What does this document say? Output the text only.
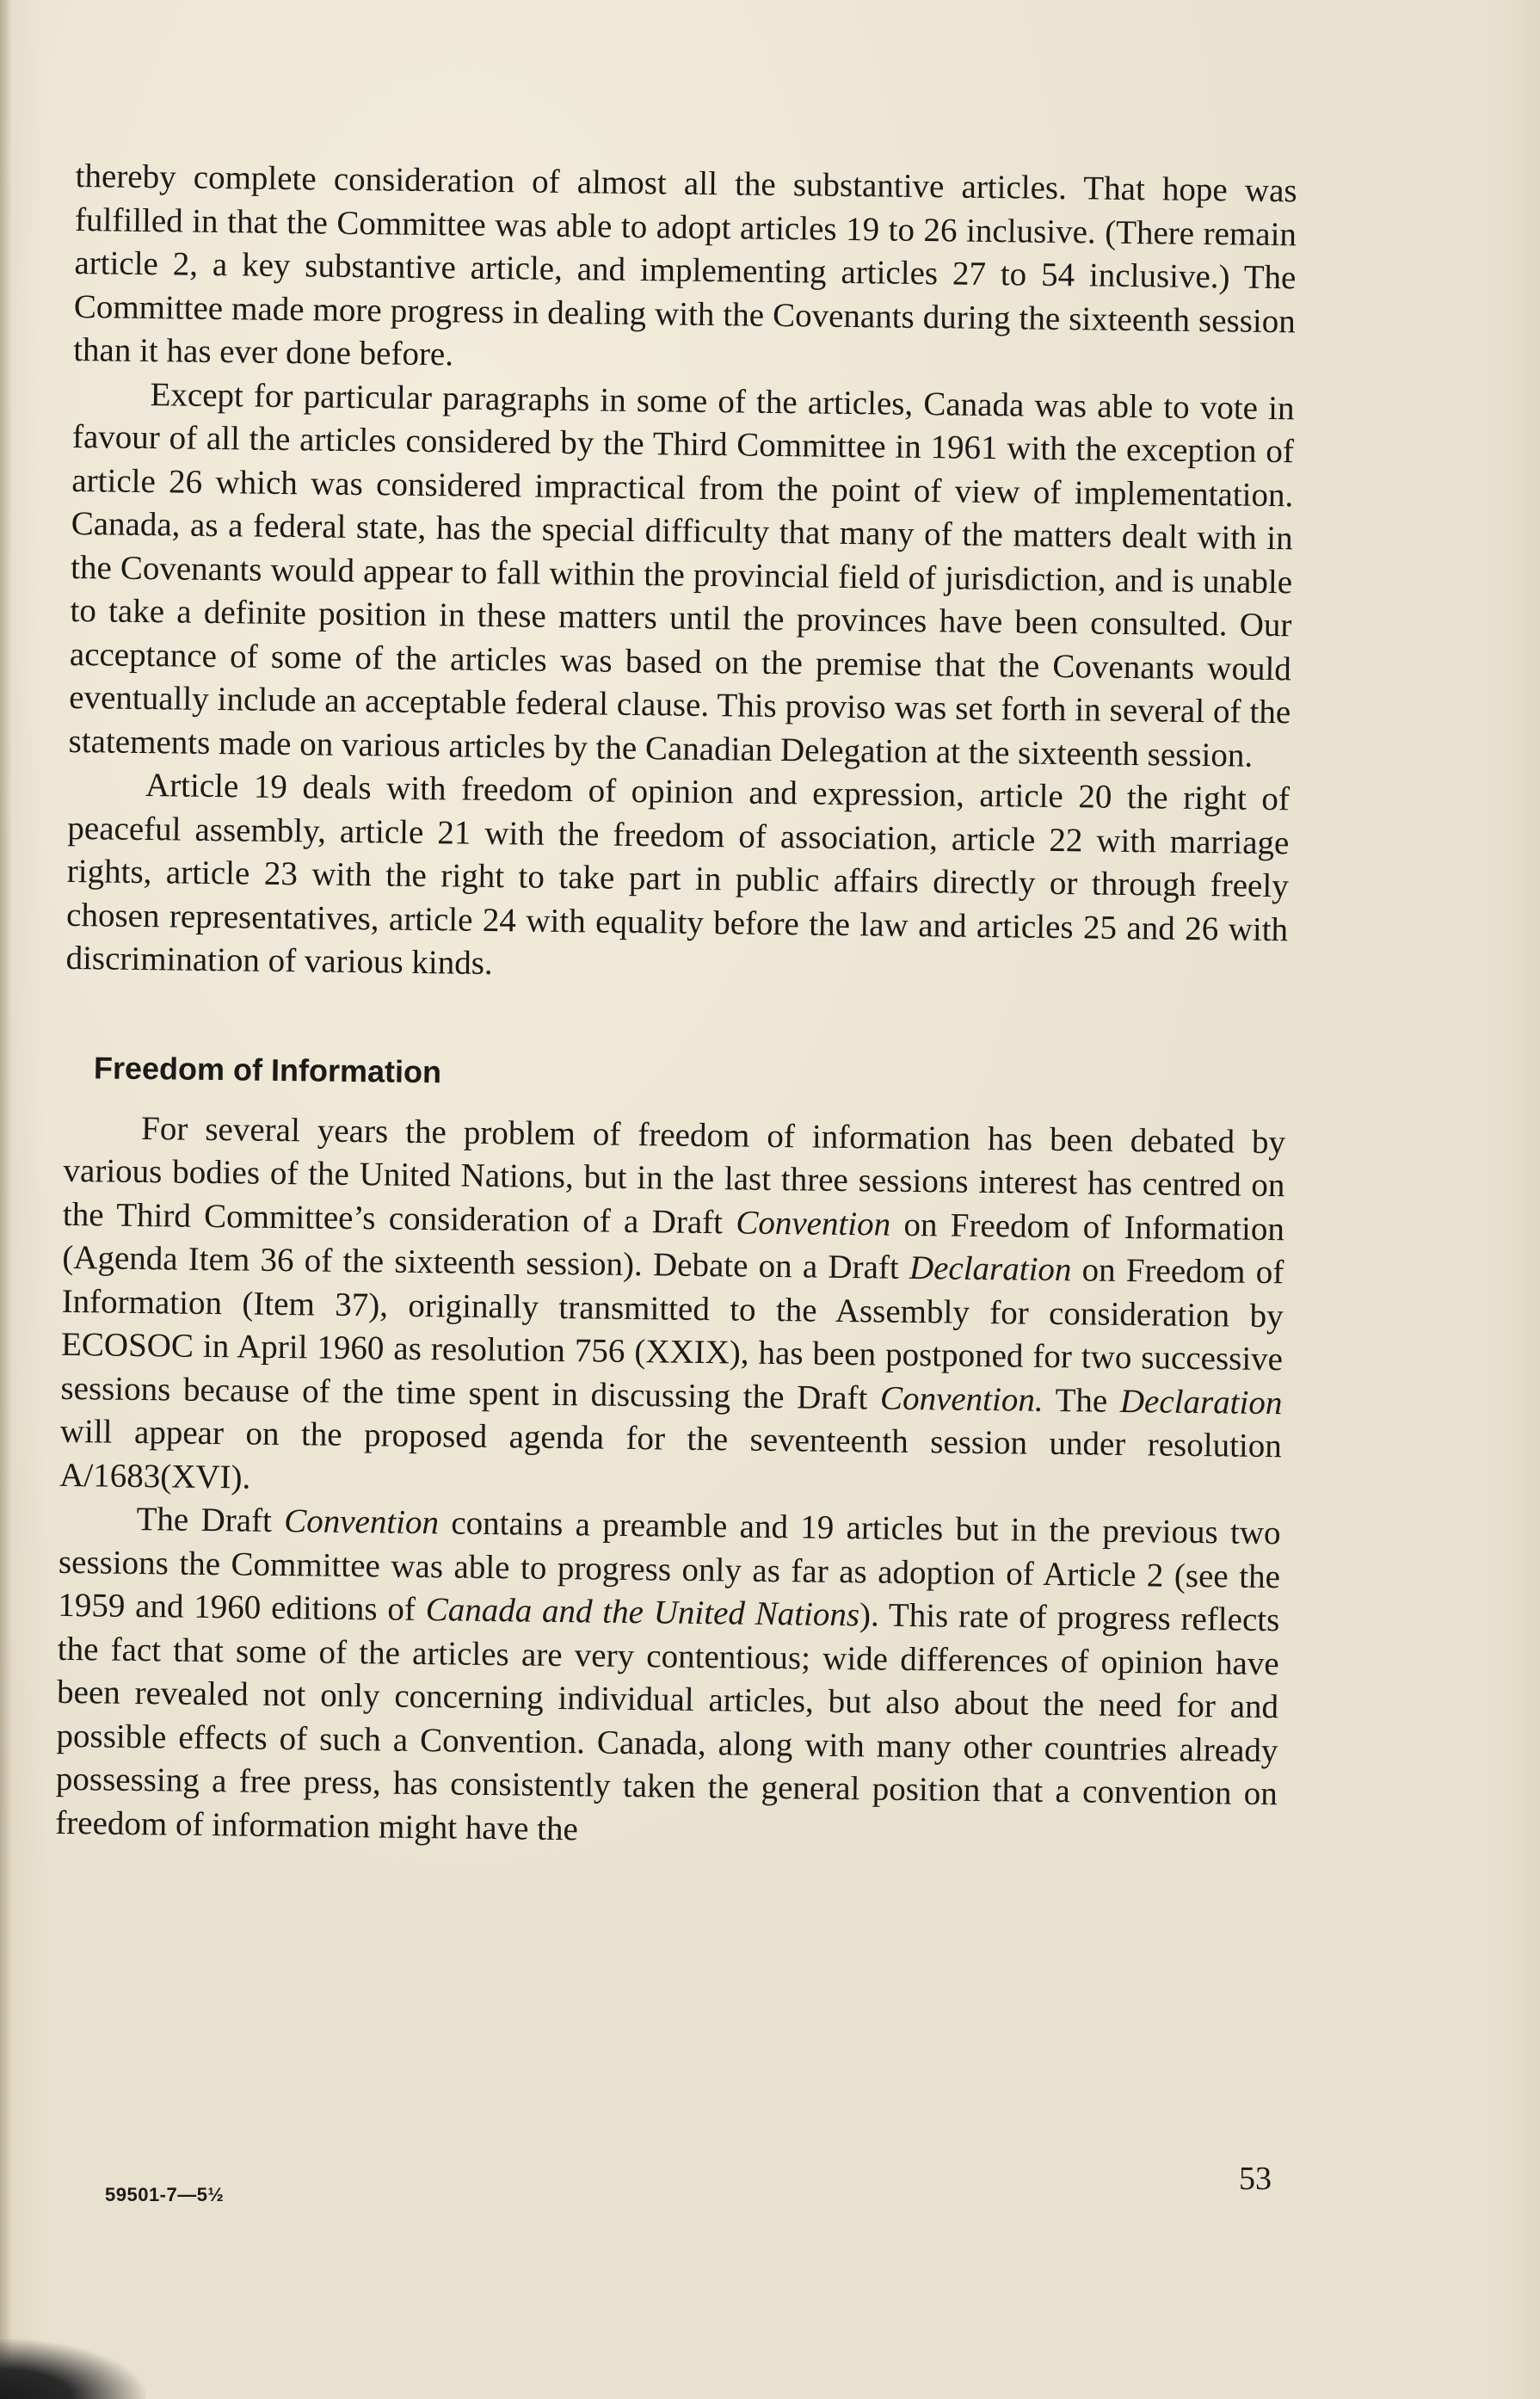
thereby complete consideration of almost all the substantive articles. That hope was fulfilled in that the Committee was able to adopt articles 19 to 26 inclusive. (There remain article 2, a key substantive article, and implementing articles 27 to 54 inclusive.) The Committee made more progress in dealing with the Covenants during the sixteenth session than it has ever done before.

Except for particular paragraphs in some of the articles, Canada was able to vote in favour of all the articles considered by the Third Committee in 1961 with the exception of article 26 which was considered impractical from the point of view of implementation. Canada, as a federal state, has the special difficulty that many of the matters dealt with in the Covenants would appear to fall within the provincial field of jurisdiction, and is unable to take a definite position in these matters until the provinces have been consulted. Our acceptance of some of the articles was based on the premise that the Covenants would eventually include an acceptable federal clause. This proviso was set forth in several of the statements made on various articles by the Canadian Delegation at the sixteenth session.

Article 19 deals with freedom of opinion and expression, article 20 the right of peaceful assembly, article 21 with the freedom of association, article 22 with marriage rights, article 23 with the right to take part in public affairs directly or through freely chosen representatives, article 24 with equality before the law and articles 25 and 26 with discrimination of various kinds.

Freedom of Information

For several years the problem of freedom of information has been debated by various bodies of the United Nations, but in the last three sessions interest has centred on the Third Committee’s consideration of a Draft Convention on Freedom of Information (Agenda Item 36 of the sixteenth session). Debate on a Draft Declaration on Freedom of Information (Item 37), originally transmitted to the Assembly for consideration by ECOSOC in April 1960 as resolution 756 (XXIX), has been postponed for two successive sessions because of the time spent in discussing the Draft Convention. The Declaration will appear on the proposed agenda for the seventeenth session under resolution A/1683(XVI).

The Draft Convention contains a preamble and 19 articles but in the previous two sessions the Committee was able to progress only as far as adoption of Article 2 (see the 1959 and 1960 editions of Canada and the United Nations). This rate of progress reflects the fact that some of the articles are very contentious; wide differences of opinion have been revealed not only concerning individual articles, but also about the need for and possible effects of such a Convention. Canada, along with many other countries already possessing a free press, has consistently taken the general position that a convention on freedom of information might have the

53
59501-7—5½
